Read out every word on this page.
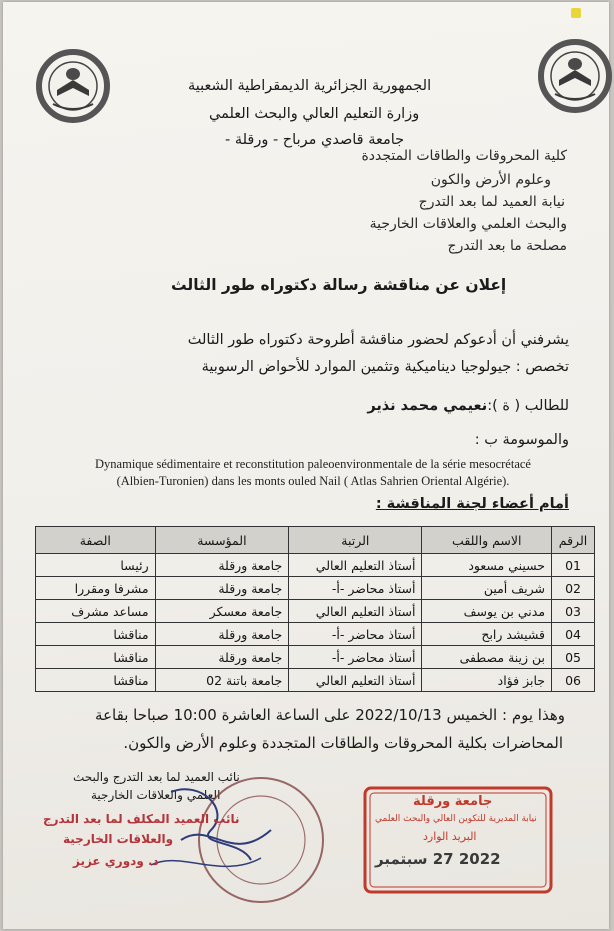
الجمهورية الجزائرية الديمقراطية الشعبية
وزارة التعليم العالي والبحث العلمي
جامعة قاصدي مرباح - ورقلة -
كلية المحروقات والطاقات المتجددة
وعلوم الأرض والكون
نيابة العميد لما بعد التدرج
والبحث العلمي والعلاقات الخارجية
مصلحة ما بعد التدرج
إعلان عن مناقشة رسالة دكتوراه طور الثالث
يشرفني أن أدعوكم لحضور مناقشة أطروحة دكتوراه طور الثالث
تخصص : جيولوجيا ديناميكية وتثمين الموارد للأحواض الرسوبية
للطالب ( ة ):نعيمي محمد نذير
والموسومة ب :
Dynamique sédimentaire et reconstitution paleoenvironmentale de la série mesocrétacé
(Albien-Turonien) dans les monts ouled Nail ( Atlas Sahrien Oriental Algérie).
أمام أعضاء لجنة المناقشة :
الرقم	الاسم واللقب	الرتبة	المؤسسة	الصفة
01	حسيني مسعود	أستاذ التعليم العالي	جامعة ورقلة	رئيسا
02	شريف أمين	أستاذ محاضر -أ-	جامعة ورقلة	مشرفا ومقررا
03	مدني بن يوسف	أستاذ التعليم العالي	جامعة معسكر	مساعد مشرف
04	قشيشد رابح	أستاذ محاضر -أ-	جامعة ورقلة	مناقشا
05	بن زينة مصطفى	أستاذ محاضر -أ-	جامعة ورقلة	مناقشا
06	جابز فؤاد	أستاذ التعليم العالي	جامعة باتنة 02	مناقشا
وهذا يوم : الخميس 2022/10/13 على الساعة العاشرة 10:00 صباحا بقاعة
المحاضرات بكلية المحروقات والطاقات المتجددة وعلوم الأرض والكون.
نائب العميد لما بعد التدرج والبحث
العلمي والعلاقات الخارجية
نائب العميد المكلف لما بعد التدرج
والعلاقات الخارجية
د. ودوري عزيز
جامعة ورقلة
نيابة المديرية للتكوين العالي والبحث العلمي
البريد الوارد
2022 27 سبتمبر
